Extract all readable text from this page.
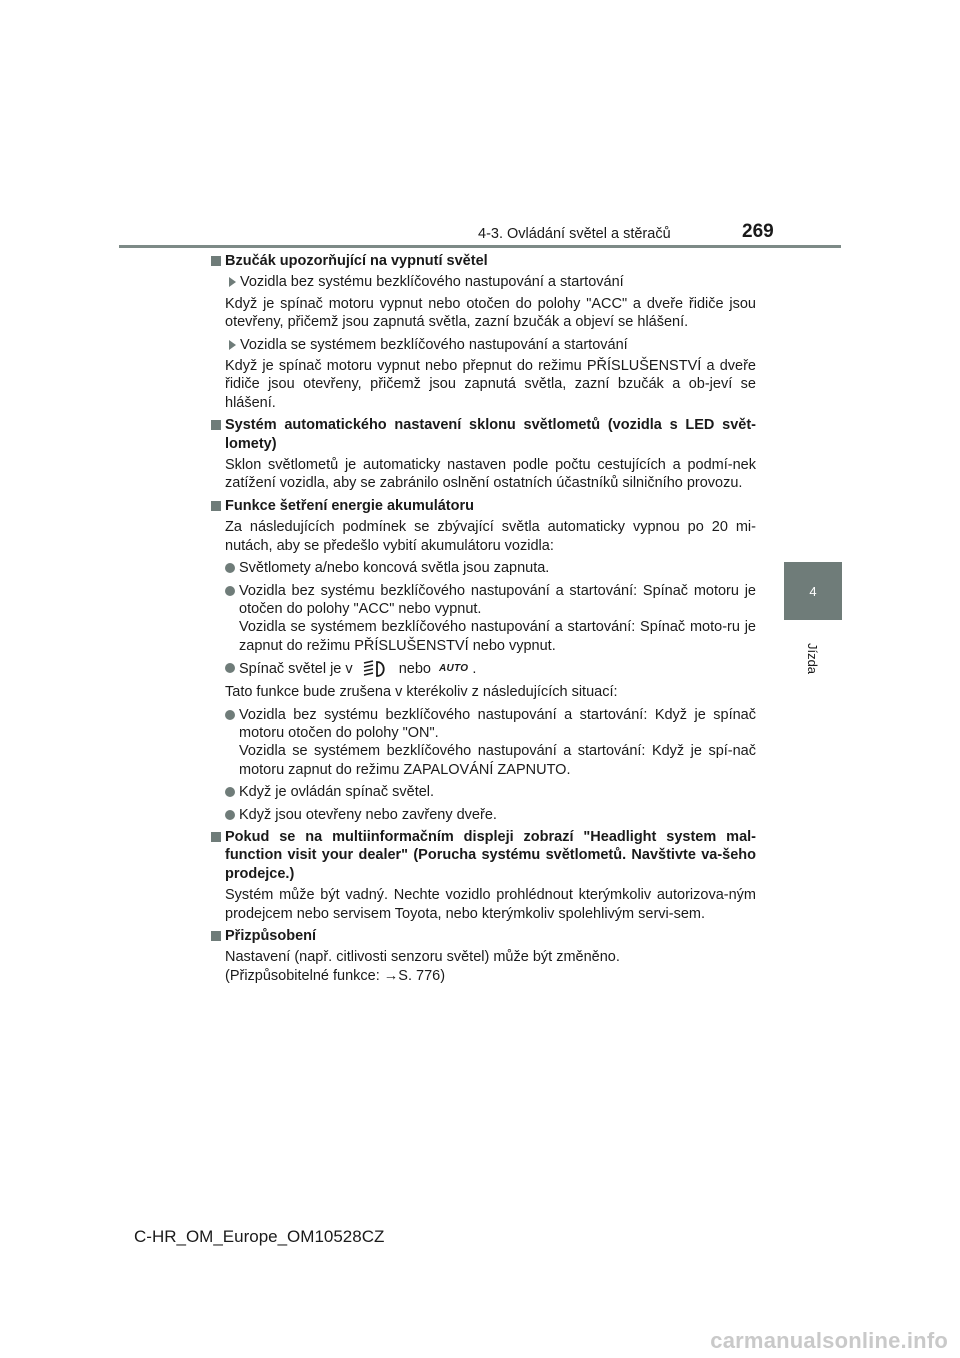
4-3. Ovládání světel a stěračů	269
4
Jízda
Bzučák upozorňující na vypnutí světel
Vozidla bez systému bezklíčového nastupování a startování
Když je spínač motoru vypnut nebo otočen do polohy "ACC" a dveře řidiče jsou otevřeny, přičemž jsou zapnutá světla, zazní bzučák a objeví se hlášení.
Vozidla se systémem bezklíčového nastupování a startování
Když je spínač motoru vypnut nebo přepnut do režimu PŘÍSLUŠENSTVÍ a dveře řidiče jsou otevřeny, přičemž jsou zapnutá světla, zazní bzučák a ob-jeví se hlášení.
Systém automatického nastavení sklonu světlometů (vozidla s LED svět-lomety)
Sklon světlometů je automaticky nastaven podle počtu cestujících a podmí-nek zatížení vozidla, aby se zabránilo oslnění ostatních účastníků silničního provozu.
Funkce šetření energie akumulátoru
Za následujících podmínek se zbývající světla automaticky vypnou po 20 mi-nutách, aby se předešlo vybití akumulátoru vozidla:
Světlomety a/nebo koncová světla jsou zapnuta.
Vozidla bez systému bezklíčového nastupování a startování: Spínač motoru je otočen do polohy "ACC" nebo vypnut.
Vozidla se systémem bezklíčového nastupování a startování: Spínač moto-ru je zapnut do režimu PŘÍSLUŠENSTVÍ nebo vypnut.
Spínač světel je v	nebo AUTO .
Tato funkce bude zrušena v kterékoliv z následujících situací:
Vozidla bez systému bezklíčového nastupování a startování: Když je spínač motoru otočen do polohy "ON".
Vozidla se systémem bezklíčového nastupování a startování: Když je spí-nač motoru zapnut do režimu ZAPALOVÁNÍ ZAPNUTO.
Když je ovládán spínač světel.
Když jsou otevřeny nebo zavřeny dveře.
Pokud se na multiinformačním displeji zobrazí "Headlight system mal-function visit your dealer" (Porucha systému světlometů. Navštivte va-šeho prodejce.)
Systém může být vadný. Nechte vozidlo prohlédnout kterýmkoliv autorizova-ným prodejcem nebo servisem Toyota, nebo kterýmkoliv spolehlivým servi-sem.
Přizpůsobení
Nastavení (např. citlivosti senzoru světel) může být změněno.
(Přizpůsobitelné funkce: →S. 776)
C-HR_OM_Europe_OM10528CZ
carmanualsonline.info
